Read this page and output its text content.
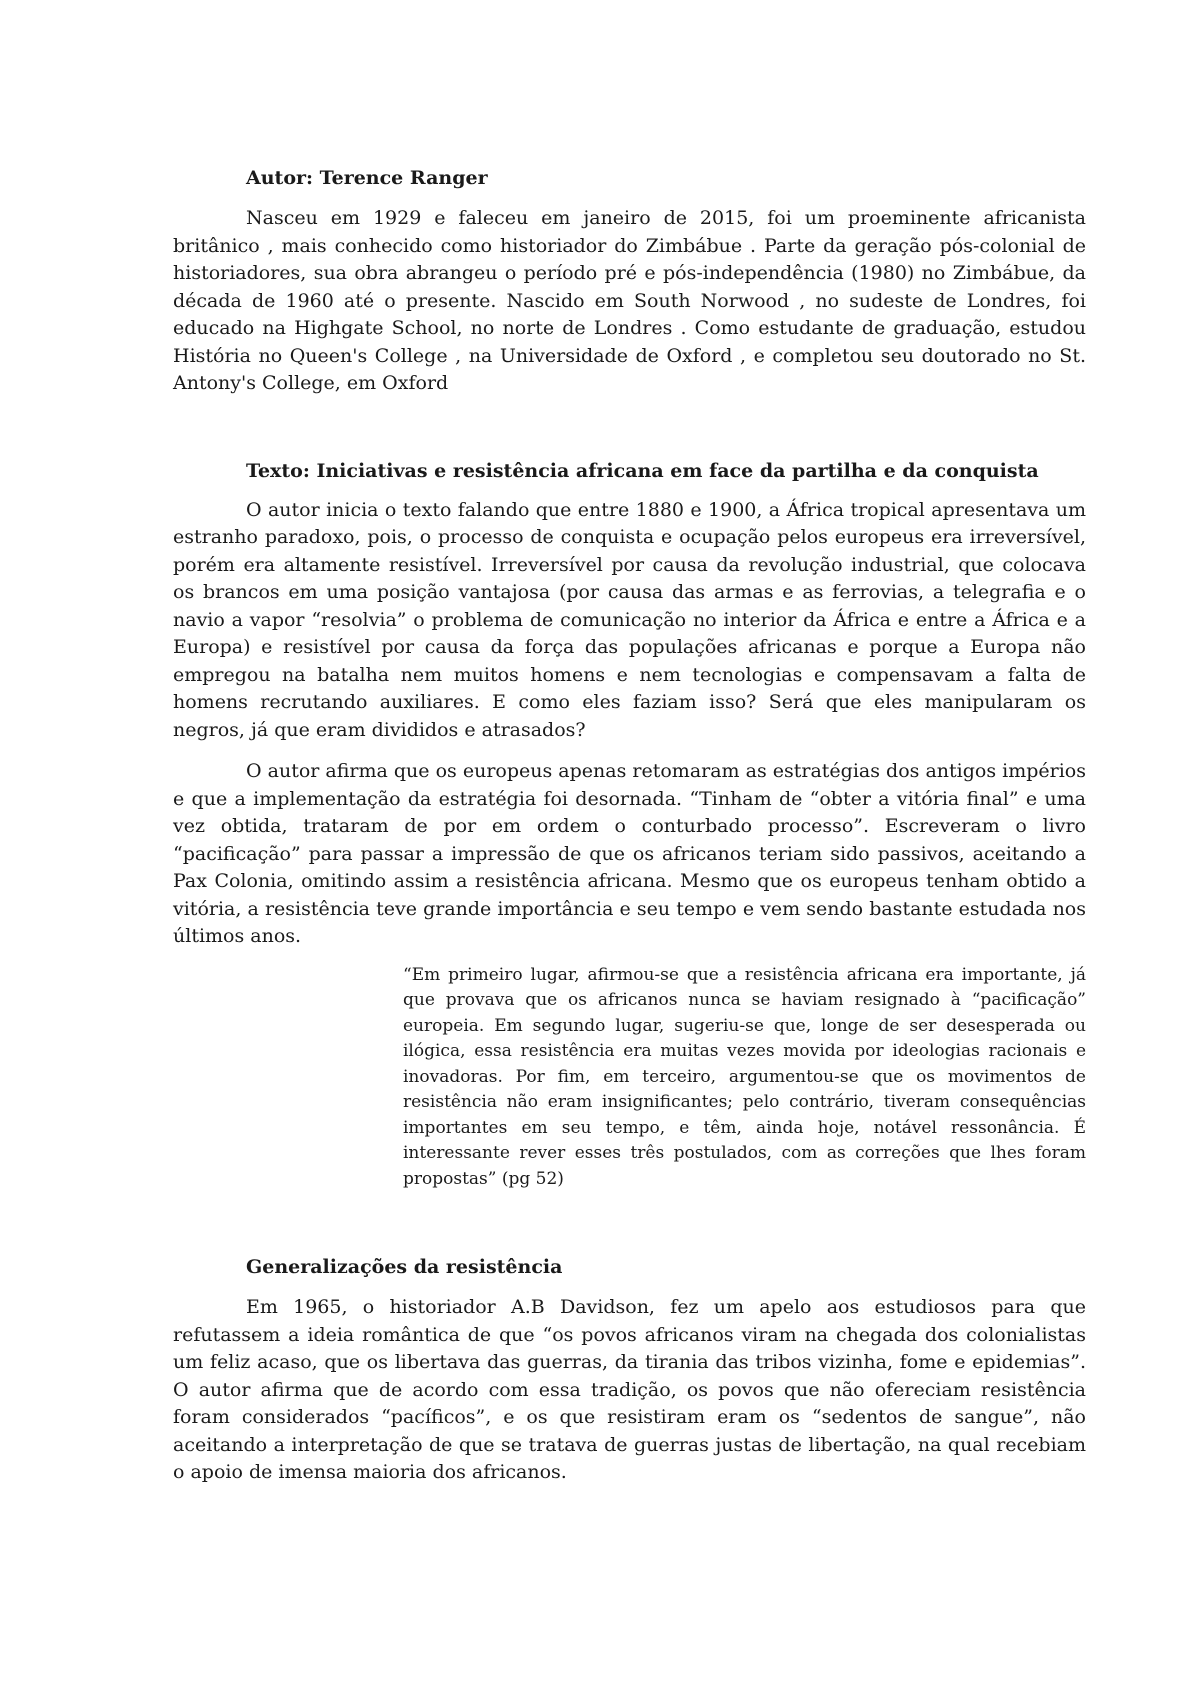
Autor: Terence Ranger

Nasceu em 1929 e faleceu em janeiro de 2015, foi um proeminente africanista britânico , mais conhecido como historiador do Zimbábue . Parte da geração pós-colonial de historiadores, sua obra abrangeu o período pré e pós-independência (1980) no Zimbábue, da década de 1960 até o presente. Nascido em South Norwood , no sudeste de Londres, foi educado na Highgate School, no norte de Londres . Como estudante de graduação, estudou História no Queen's College , na Universidade de Oxford , e completou seu doutorado no St. Antony's College, em Oxford

Texto: Iniciativas e resistência africana em face da partilha e da conquista

O autor inicia o texto falando que entre 1880 e 1900, a África tropical apresentava um estranho paradoxo, pois, o processo de conquista e ocupação pelos europeus era irreversível, porém era altamente resistível. Irreversível por causa da revolução industrial, que colocava os brancos em uma posição vantajosa (por causa das armas e as ferrovias, a telegrafia e o navio a vapor “resolvia” o problema de comunicação no interior da África e entre a África e a Europa) e resistível por causa da força das populações africanas e porque a Europa não empregou na batalha nem muitos homens e nem tecnologias e compensavam a falta de homens recrutando auxiliares. E como eles faziam isso? Será que eles manipularam os negros, já que eram divididos e atrasados?

O autor afirma que os europeus apenas retomaram as estratégias dos antigos impérios e que a implementação da estratégia foi desornada. “Tinham de “obter a vitória final” e uma vez obtida, trataram de por em ordem o conturbado processo”. Escreveram o livro “pacificação” para passar a impressão de que os africanos teriam sido passivos, aceitando a Pax Colonia, omitindo assim a resistência africana. Mesmo que os europeus tenham obtido a vitória, a resistência teve grande importância e seu tempo e vem sendo bastante estudada nos últimos anos.

“Em primeiro lugar, afirmou-se que a resistência africana era importante, já que provava que os africanos nunca se haviam resignado à “pacificação” europeia. Em segundo lugar, sugeriu-se que, longe de ser desesperada ou ilógica, essa resistência era muitas vezes movida por ideologias racionais e inovadoras. Por fim, em terceiro, argumentou-se que os movimentos de resistência não eram insignificantes; pelo contrário, tiveram consequências importantes em seu tempo, e têm, ainda hoje, notável ressonância. É interessante rever esses três postulados, com as correções que lhes foram propostas” (pg 52)

Generalizações da resistência

Em 1965, o historiador A.B Davidson, fez um apelo aos estudiosos para que refutassem a ideia romântica de que “os povos africanos viram na chegada dos colonialistas um feliz acaso, que os libertava das guerras, da tirania das tribos vizinha, fome e epidemias”. O autor afirma que de acordo com essa tradição, os povos que não ofereciam resistência foram considerados “pacíficos”, e os que resistiram eram os “sedentos de sangue”, não aceitando a interpretação de que se tratava de guerras justas de libertação, na qual recebiam o apoio de imensa maioria dos africanos.
